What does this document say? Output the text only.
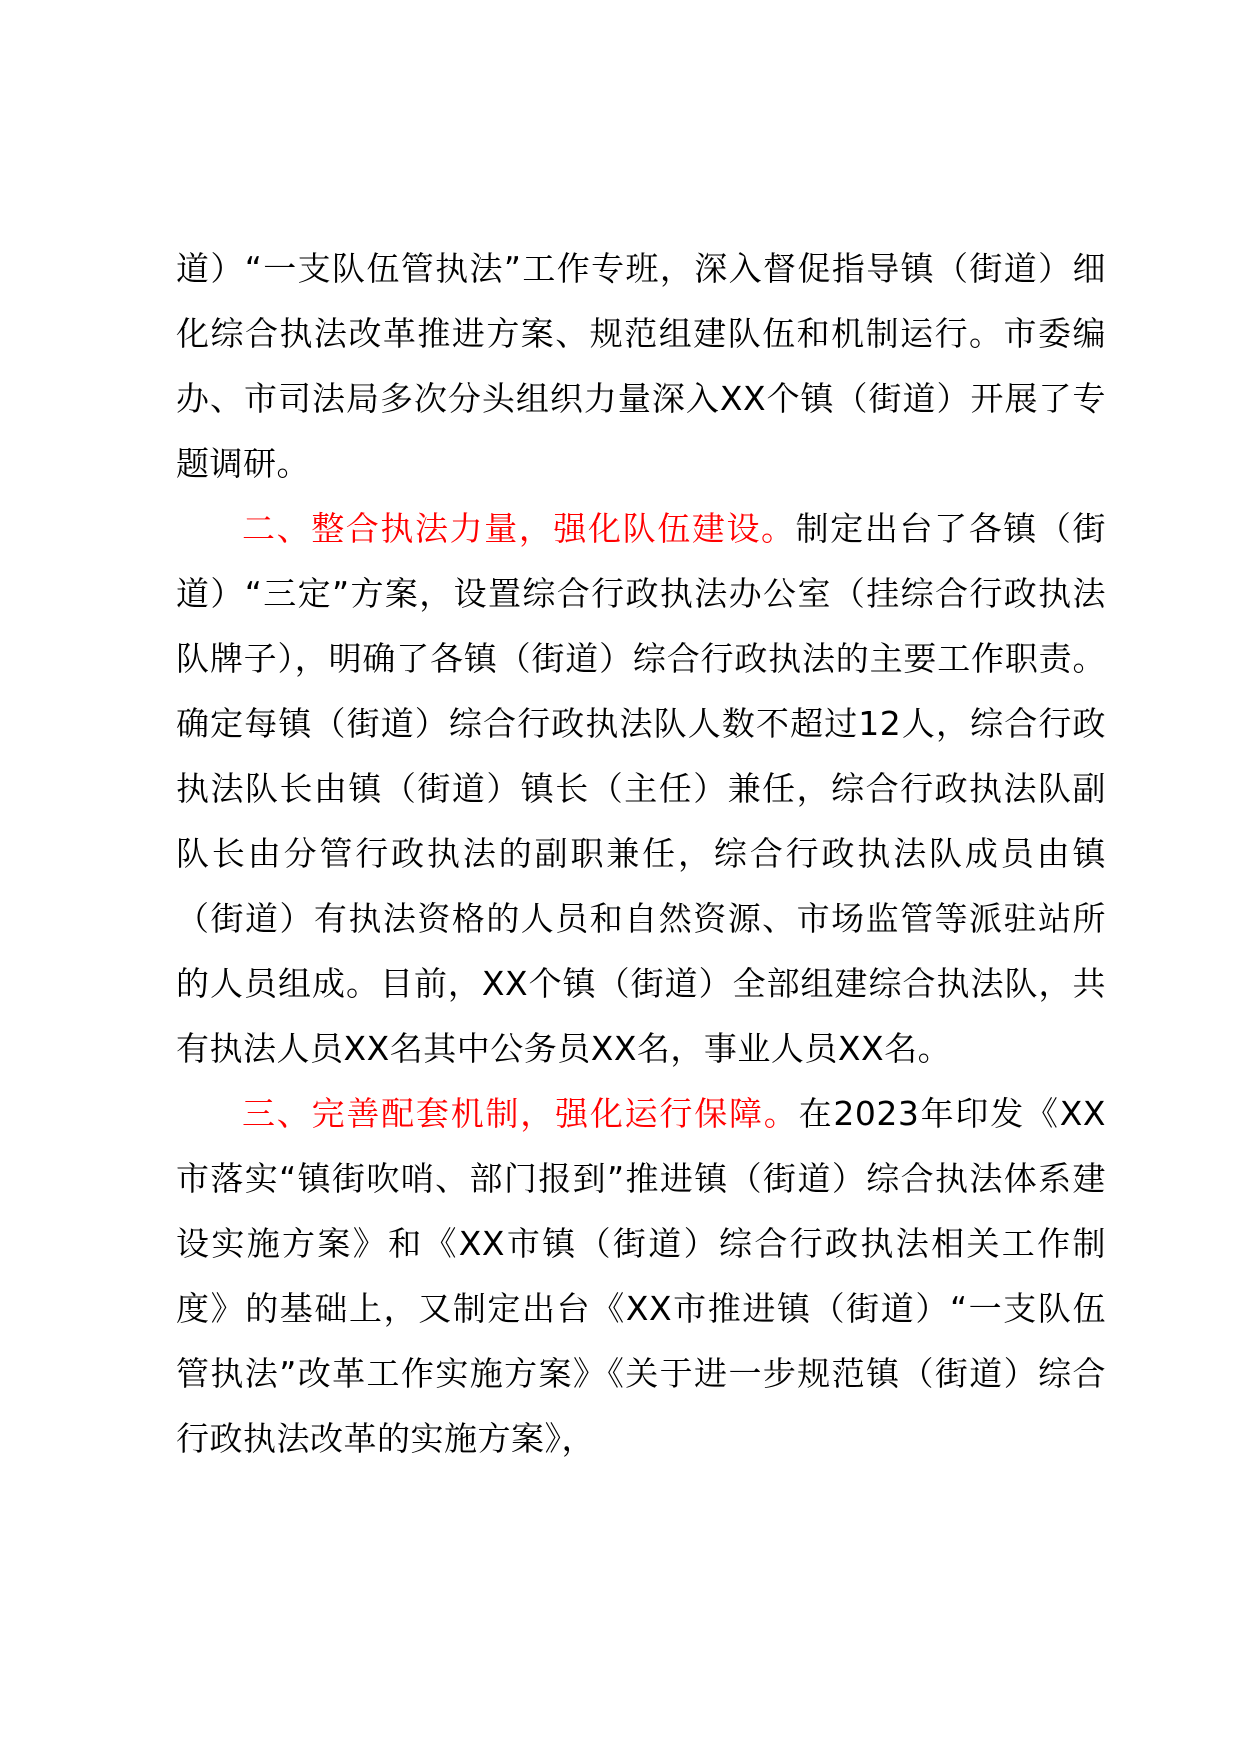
道）“一支队伍管执法”工作专班，深入督促指导镇（街道）细化综合执法改革推进方案、规范组建队伍和机制运行。市委编办、市司法局多次分头组织力量深入XX个镇（街道）开展了专题调研。

二、整合执法力量，强化队伍建设。制定出台了各镇（街道）“三定”方案，设置综合行政执法办公室（挂综合行政执法队牌子），明确了各镇（街道）综合行政执法的主要工作职责。确定每镇（街道）综合行政执法队人数不超过12人，综合行政执法队长由镇（街道）镇长（主任）兼任，综合行政执法队副队长由分管行政执法的副职兼任，综合行政执法队成员由镇（街道）有执法资格的人员和自然资源、市场监管等派驻站所的人员组成。目前，XX个镇（街道）全部组建综合执法队，共有执法人员XX名其中公务员XX名，事业人员XX名。

三、完善配套机制，强化运行保障。在2023年印发《XX市落实“镇街吹哨、部门报到”推进镇（街道）综合执法体系建设实施方案》和《XX市镇（街道）综合行政执法相关工作制度》的基础上，又制定出台《XX市推进镇（街道）“一支队伍管执法”改革工作实施方案》《关于进一步规范镇（街道）综合行政执法改革的实施方案》，
